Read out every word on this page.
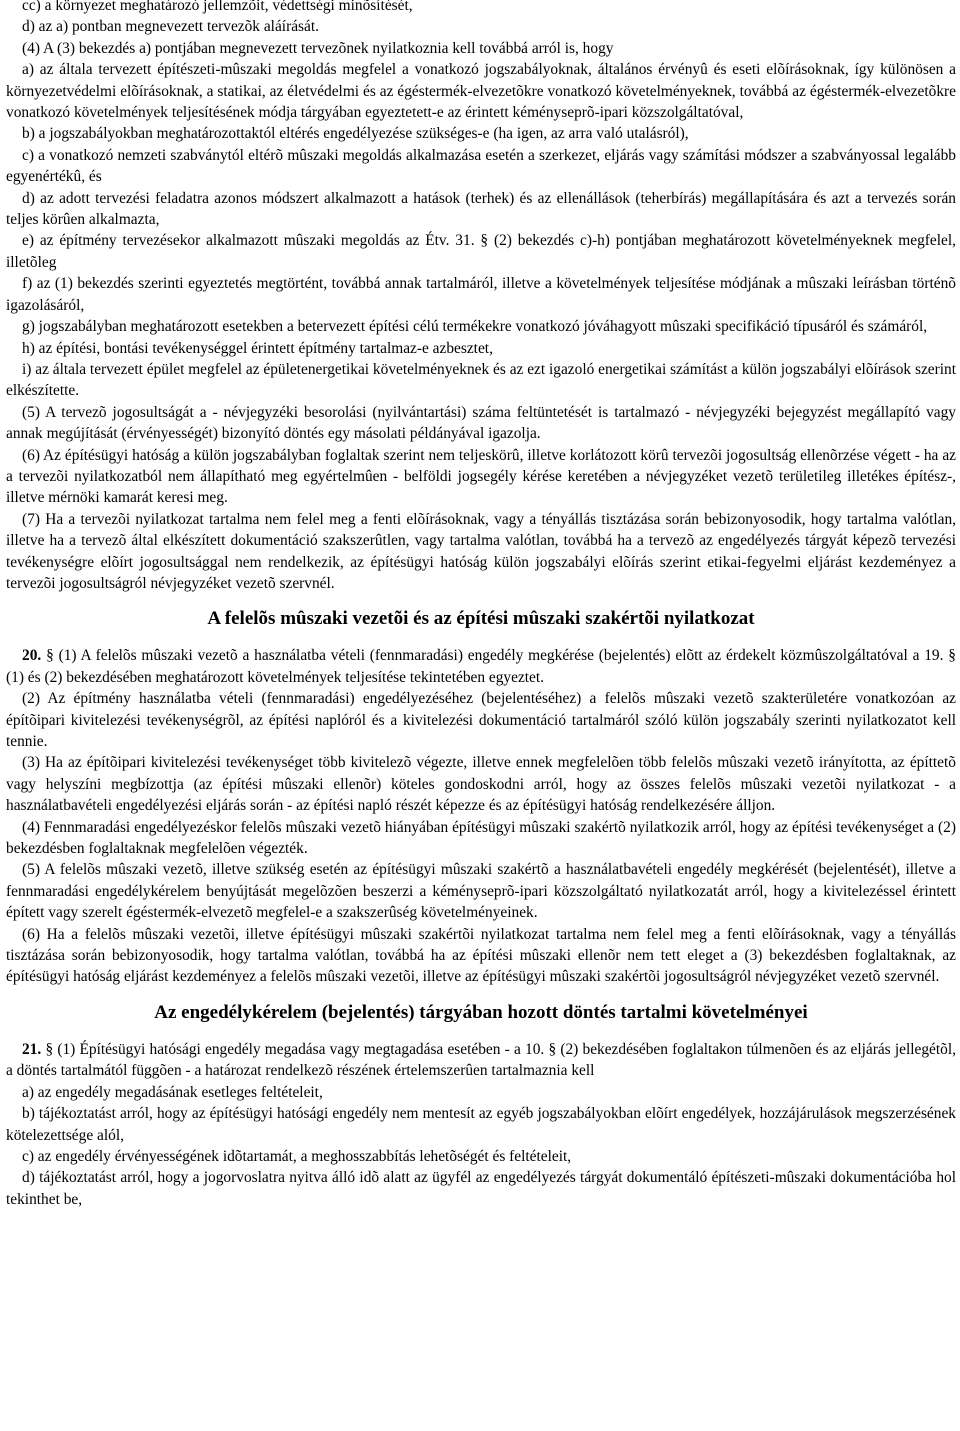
cc) a környezet meghatározó jellemzõit, védettségi minõsítését,

d) az a) pontban megnevezett tervezõk aláírását.

(4) A (3) bekezdés a) pontjában megnevezett tervezõnek nyilatkoznia kell továbbá arról is, hogy

a) az általa tervezett építészeti-mûszaki megoldás megfelel a vonatkozó jogszabályoknak, általános érvényû és eseti elõírásoknak, így különösen a környezetvédelmi elõírásoknak, a statikai, az életvédelmi és az égéstermék-elvezetõkre vonatkozó követelményeknek, továbbá az égéstermék-elvezetõkre vonatkozó követelmények teljesítésének módja tárgyában egyeztetett-e az érintett kéményseprõ-ipari közszolgáltatóval,

b) a jogszabályokban meghatározottaktól eltérés engedélyezése szükséges-e (ha igen, az arra való utalásról),

c) a vonatkozó nemzeti szabványtól eltérõ mûszaki megoldás alkalmazása esetén a szerkezet, eljárás vagy számítási módszer a szabványossal legalább egyenértékû, és

d) az adott tervezési feladatra azonos módszert alkalmazott a hatások (terhek) és az ellenállások (teherbírás) megállapítására és azt a tervezés során teljes körûen alkalmazta,

e) az építmény tervezésekor alkalmazott mûszaki megoldás az Étv. 31. § (2) bekezdés c)-h) pontjában meghatározott követelményeknek megfelel, illetõleg

f) az (1) bekezdés szerinti egyeztetés megtörtént, továbbá annak tartalmáról, illetve a követelmények teljesítése módjának a mûszaki leírásban történõ igazolásáról,

g) jogszabályban meghatározott esetekben a betervezett építési célú termékekre vonatkozó jóváhagyott mûszaki specifikáció típusáról és számáról,

h) az építési, bontási tevékenységgel érintett építmény tartalmaz-e azbesztet,

i) az általa tervezett épület megfelel az épületenergetikai követelményeknek és az ezt igazoló energetikai számítást a külön jogszabályi elõírások szerint elkészítette.

(5) A tervezõ jogosultságát a - névjegyzéki besorolási (nyilvántartási) száma feltüntetését is tartalmazó - névjegyzéki bejegyzést megállapító vagy annak megújítását (érvényességét) bizonyító döntés egy másolati példányával igazolja.

(6) Az építésügyi hatóság a külön jogszabályban foglaltak szerint nem teljeskörû, illetve korlátozott körû tervezõi jogosultság ellenõrzése végett - ha az a tervezõi nyilatkozatból nem állapítható meg egyértelmûen - belföldi jogsegély kérése keretében a névjegyzéket vezetõ területileg illetékes építész-, illetve mérnöki kamarát keresi meg.

(7) Ha a tervezõi nyilatkozat tartalma nem felel meg a fenti elõírásoknak, vagy a tényállás tisztázása során bebizonyosodik, hogy tartalma valótlan, illetve ha a tervezõ által elkészített dokumentáció szakszerûtlen, vagy tartalma valótlan, továbbá ha a tervezõ az engedélyezés tárgyát képezõ tervezési tevékenységre elõírt jogosultsággal nem rendelkezik, az építésügyi hatóság külön jogszabályi elõírás szerint etikai-fegyelmi eljárást kezdeményez a tervezõi jogosultságról névjegyzéket vezetõ szervnél.

A felelõs mûszaki vezetõi és az építési mûszaki szakértõi nyilatkozat

20. § (1) A felelõs mûszaki vezetõ a használatba vételi (fennmaradási) engedély megkérése (bejelentés) elõtt az érdekelt közmûszolgáltatóval a 19. § (1) és (2) bekezdésében meghatározott követelmények teljesítése tekintetében egyeztet.

(2) Az építmény használatba vételi (fennmaradási) engedélyezéséhez (bejelentéséhez) a felelõs mûszaki vezetõ szakterületére vonatkozóan az építõipari kivitelezési tevékenységrõl, az építési naplóról és a kivitelezési dokumentáció tartalmáról szóló külön jogszabály szerinti nyilatkozatot kell tennie.

(3) Ha az építõipari kivitelezési tevékenységet több kivitelezõ végezte, illetve ennek megfelelõen több felelõs mûszaki vezetõ irányította, az építtetõ vagy helyszíni megbízottja (az építési mûszaki ellenõr) köteles gondoskodni arról, hogy az összes felelõs mûszaki vezetõi nyilatkozat - a használatbavételi engedélyezési eljárás során - az építési napló részét képezze és az építésügyi hatóság rendelkezésére álljon.

(4) Fennmaradási engedélyezéskor felelõs mûszaki vezetõ hiányában építésügyi mûszaki szakértõ nyilatkozik arról, hogy az építési tevékenységet a (2) bekezdésben foglaltaknak megfelelõen végezték.

(5) A felelõs mûszaki vezetõ, illetve szükség esetén az építésügyi mûszaki szakértõ a használatbavételi engedély megkérését (bejelentését), illetve a fennmaradási engedélykérelem benyújtását megelõzõen beszerzi a kéményseprõ-ipari közszolgáltató nyilatkozatát arról, hogy a kivitelezéssel érintett épített vagy szerelt égéstermék-elvezetõ megfelel-e a szakszerûség követelményeinek.

(6) Ha a felelõs mûszaki vezetõi, illetve építésügyi mûszaki szakértõi nyilatkozat tartalma nem felel meg a fenti elõírásoknak, vagy a tényállás tisztázása során bebizonyosodik, hogy tartalma valótlan, továbbá ha az építési mûszaki ellenõr nem tett eleget a (3) bekezdésben foglaltaknak, az építésügyi hatóság eljárást kezdeményez a felelõs mûszaki vezetõi, illetve az építésügyi mûszaki szakértõi jogosultságról névjegyzéket vezetõ szervnél.

Az engedélykérelem (bejelentés) tárgyában hozott döntés tartalmi követelményei

21. § (1) Építésügyi hatósági engedély megadása vagy megtagadása esetében - a 10. § (2) bekezdésében foglaltakon túlmenõen és az eljárás jellegétõl, a döntés tartalmától függõen - a határozat rendelkezõ részének értelemszerûen tartalmaznia kell

a) az engedély megadásának esetleges feltételeit,

b) tájékoztatást arról, hogy az építésügyi hatósági engedély nem mentesít az egyéb jogszabályokban elõírt engedélyek, hozzájárulások megszerzésének kötelezettsége alól,

c) az engedély érvényességének idõtartamát, a meghosszabbítás lehetõségét és feltételeit,

d) tájékoztatást arról, hogy a jogorvoslatra nyitva álló idõ alatt az ügyfél az engedélyezés tárgyát dokumentáló építészeti-mûszaki dokumentációba hol tekinthet be,
